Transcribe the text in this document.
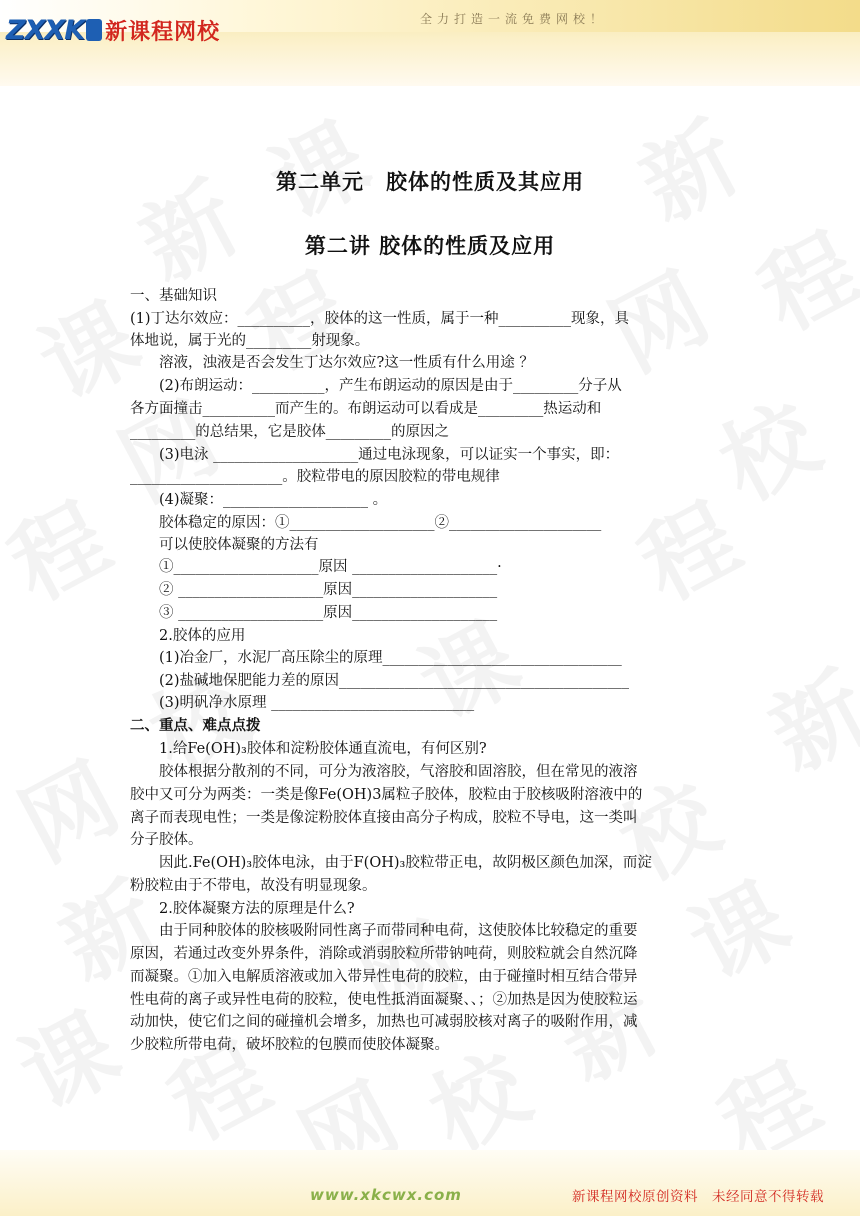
ZXXK 新课程网校	全力打造一流免费网校！
第二单元　胶体的性质及其应用
第二讲 胶体的性质及应用
一、基础知识
(1)丁达尔效应：__________，胶体的这一性质，属于一种__________现象，具
体地说，属于光的_________射现象。
　　溶液，浊液是否会发生丁达尔效应?这一性质有什么用途 ？
　　(2)布朗运动：__________，产生布朗运动的原因是由于_________分子从
各方面撞击__________而产生的。布朗运动可以看成是_________热运动和
_________的总结果，它是胶体_________的原因之
　　(3)电泳 ____________________通过电泳现象，可以证实一个事实，即：
_____________________。胶粒带电的原因胶粒的带电规律
　　(4)凝聚：____________________ 。
　　胶体稳定的原因：①____________________②_____________________
　　可以使胶体凝聚的方法有
　　①____________________原因 ____________________·
　　② ____________________原因____________________
　　③ ____________________原因____________________
　　2.胶体的应用
　　(1)冶金厂，水泥厂高压除尘的原理_________________________________
　　(2)盐碱地保肥能力差的原因________________________________________
　　(3)明矾净水原理 ____________________________
二、重点、难点点拨
　　1.给Fe(OH)₃胶体和淀粉胶体通直流电，有何区别?
　　胶体根据分散剂的不同，可分为液溶胶，气溶胶和固溶胶，但在常见的液溶
胶中又可分为两类：一类是像Fe(OH)3属粒子胶体，胶粒由于胶核吸附溶液中的
离子而表现电性；一类是像淀粉胶体直接由高分子构成，胶粒不导电，这一类叫
分子胶体。
　　因此.Fe(OH)₃胶体电泳，由于F(OH)₃胶粒带正电，故阴极区颜色加深，而淀
粉胶粒由于不带电，故没有明显现象。
　　2.胶体凝聚方法的原理是什么?
　　由于同种胶体的胶核吸附同性离子而带同种电荷，这使胶体比较稳定的重要
原因，若通过改变外界条件，消除或消弱胶粒所带钠吨荷，则胶粒就会自然沉降
而凝聚。①加入电解质溶液或加入带异性电荷的胶粒，由于碰撞时相互结合带异
性电荷的离子或异性电荷的胶粒，使电性抵消面凝聚、、；②加热是因为使胶粒运
动加快，使它们之间的碰撞机会增多，加热也可减弱胶核对离子的吸附作用，减
少胶粒所带电荷，破坏胶粒的包膜而使胶体凝聚。
www.xkcwx.com	新课程网校原创资料　未经同意不得转载
